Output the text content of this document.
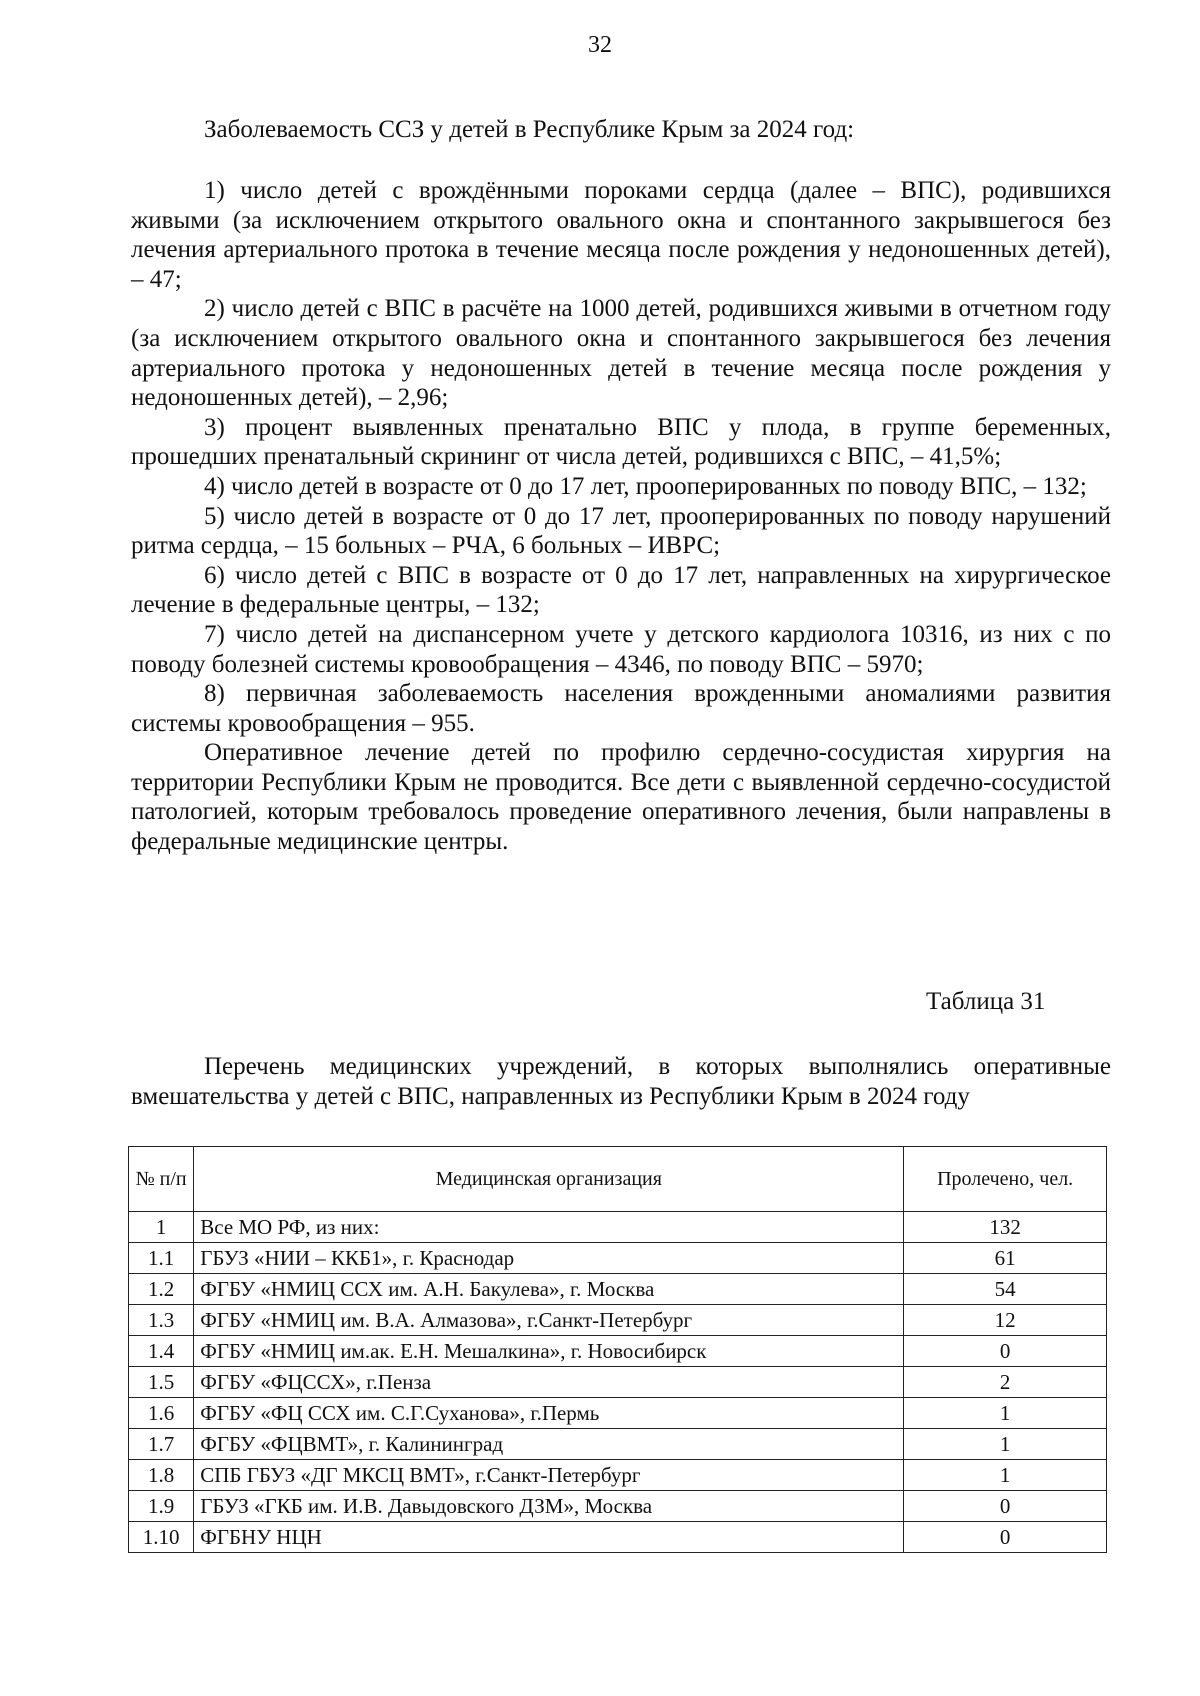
32
Заболеваемость ССЗ у детей в Республике Крым за 2024 год:

1) число детей с врождёнными пороками сердца (далее – ВПС), родившихся живыми (за исключением открытого овального окна и спонтанного закрывшегося без лечения артериального протока в течение месяца после рождения у недоношенных детей), – 47;

2) число детей с ВПС в расчёте на 1000 детей, родившихся живыми в отчетном году (за исключением открытого овального окна и спонтанного закрывшегося без лечения артериального протока у недоношенных детей в течение месяца после рождения у недоношенных детей), – 2,96;

3) процент выявленных пренатально ВПС у плода, в группе беременных, прошедших пренатальный скрининг от числа детей, родившихся с ВПС, – 41,5%;

4) число детей в возрасте от 0 до 17 лет, прооперированных по поводу ВПС, – 132;

5) число детей в возрасте от 0 до 17 лет, прооперированных по поводу нарушений ритма сердца, – 15 больных – РЧА, 6 больных – ИВРС;

6) число детей с ВПС в возрасте от 0 до 17 лет, направленных на хирургическое лечение в федеральные центры, – 132;

7) число детей на диспансерном учете у детского кардиолога 10316, из них с по поводу болезней системы кровообращения – 4346, по поводу ВПС – 5970;

8) первичная заболеваемость населения врожденными аномалиями развития системы кровообращения – 955.

Оперативное лечение детей по профилю сердечно-сосудистая хирургия на территории Республики Крым не проводится. Все дети с выявленной сердечно-сосудистой патологией, которым требовалось проведение оперативного лечения, были направлены в федеральные медицинские центры.

Таблица 31

Перечень медицинских учреждений, в которых выполнялись оперативные вмешательства у детей с ВПС, направленных из Республики Крым в 2024 году

№ п/п	Медицинская организация	Пролечено, чел.
1	Все МО РФ, из них:	132
1.1	ГБУЗ «НИИ – ККБ1», г. Краснодар	61
1.2	ФГБУ «НМИЦ ССХ им. А.Н. Бакулева», г. Москва	54
1.3	ФГБУ «НМИЦ им. В.А. Алмазова», г.Санкт-Петербург	12
1.4	ФГБУ «НМИЦ им.ак. Е.Н. Мешалкина», г. Новосибирск	0
1.5	ФГБУ «ФЦССХ», г.Пенза	2
1.6	ФГБУ «ФЦ ССХ им. С.Г.Суханова», г.Пермь	1
1.7	ФГБУ «ФЦВМТ», г. Калининград	1
1.8	СПБ ГБУЗ «ДГ МКСЦ ВМТ», г.Санкт-Петербург	1
1.9	ГБУЗ «ГКБ им. И.В. Давыдовского ДЗМ», Москва	0
1.10	ФГБНУ НЦН	0
